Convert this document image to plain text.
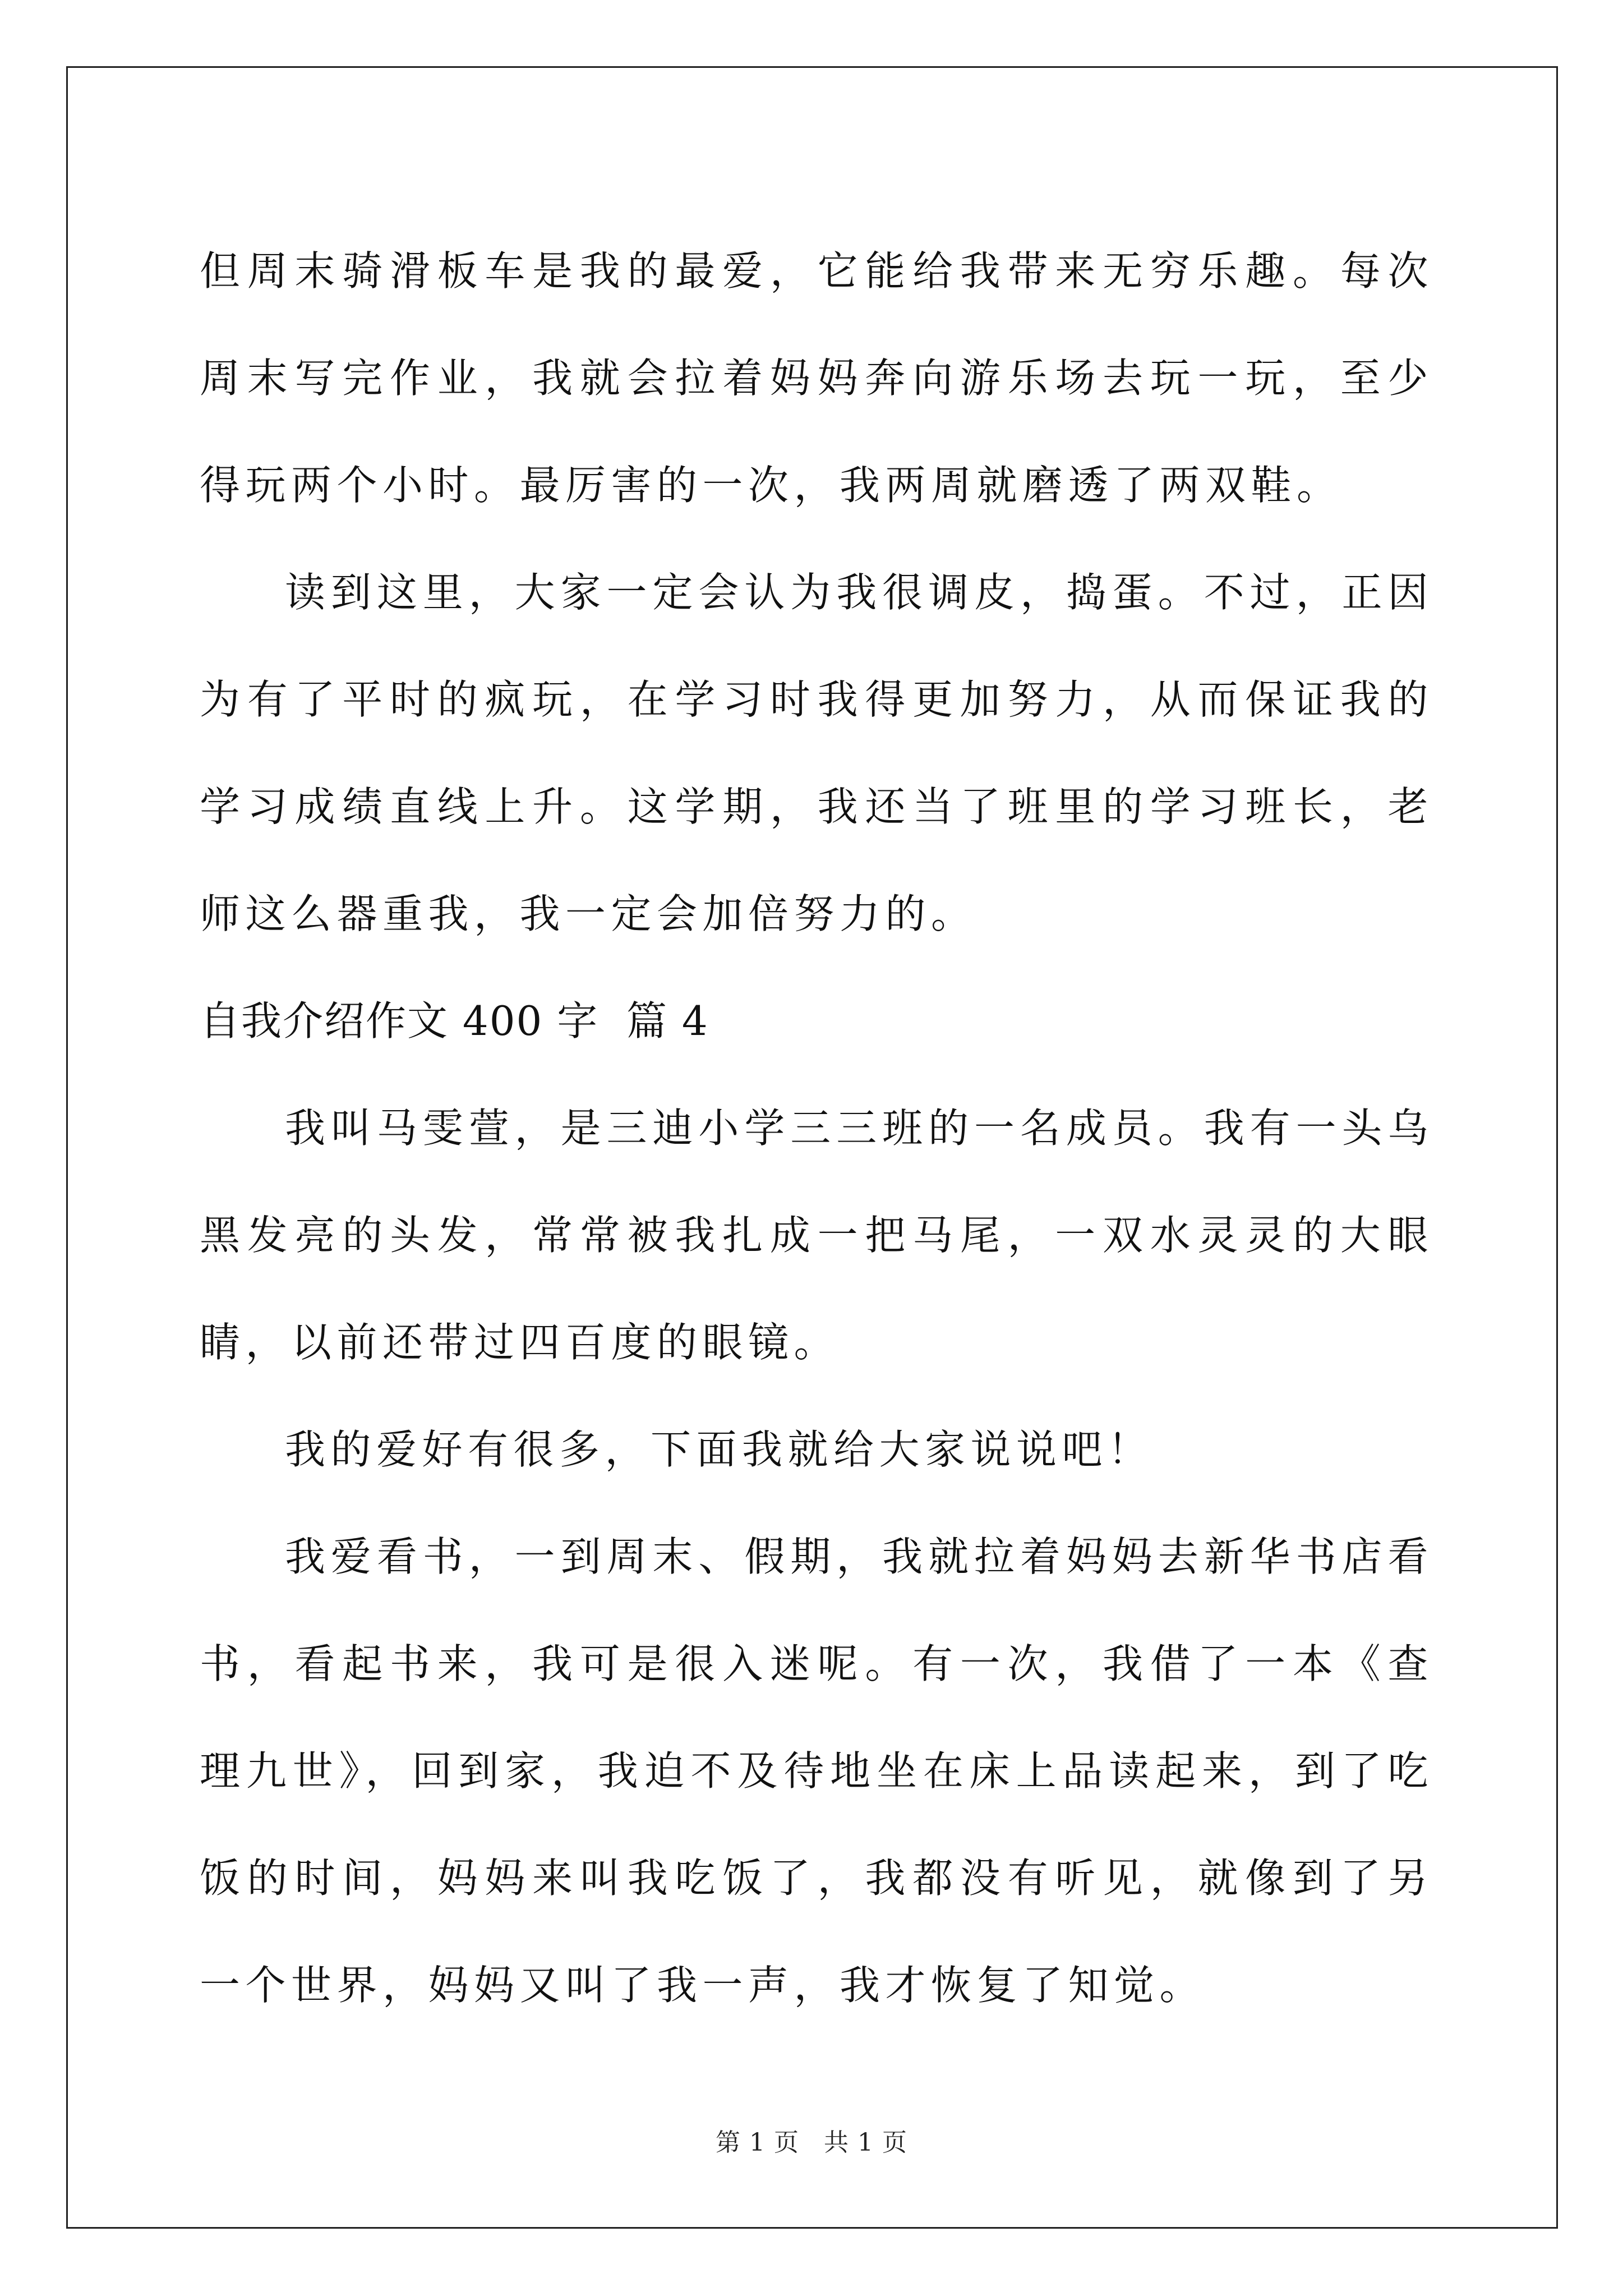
但周末骑滑板车是我的最爱，它能给我带来无穷乐趣。每次周末写完作业，我就会拉着妈妈奔向游乐场去玩一玩，至少得玩两个小时。最厉害的一次，我两周就磨透了两双鞋。

读到这里，大家一定会认为我很调皮，捣蛋。不过，正因为有了平时的疯玩，在学习时我得更加努力，从而保证我的学习成绩直线上升。这学期，我还当了班里的学习班长，老师这么器重我，我一定会加倍努力的。

自我介绍作文 400 字  篇 4

我叫马雯萱，是三迪小学三三班的一名成员。我有一头乌黑发亮的头发，常常被我扎成一把马尾，一双水灵灵的大眼睛，以前还带过四百度的眼镜。

我的爱好有很多，下面我就给大家说说吧！

我爱看书，一到周末、假期，我就拉着妈妈去新华书店看书，看起书来，我可是很入迷呢。有一次，我借了一本《查理九世》，回到家，我迫不及待地坐在床上品读起来，到了吃饭的时间，妈妈来叫我吃饭了，我都没有听见，就像到了另一个世界，妈妈又叫了我一声，我才恢复了知觉。

第 1 页 共 1 页
